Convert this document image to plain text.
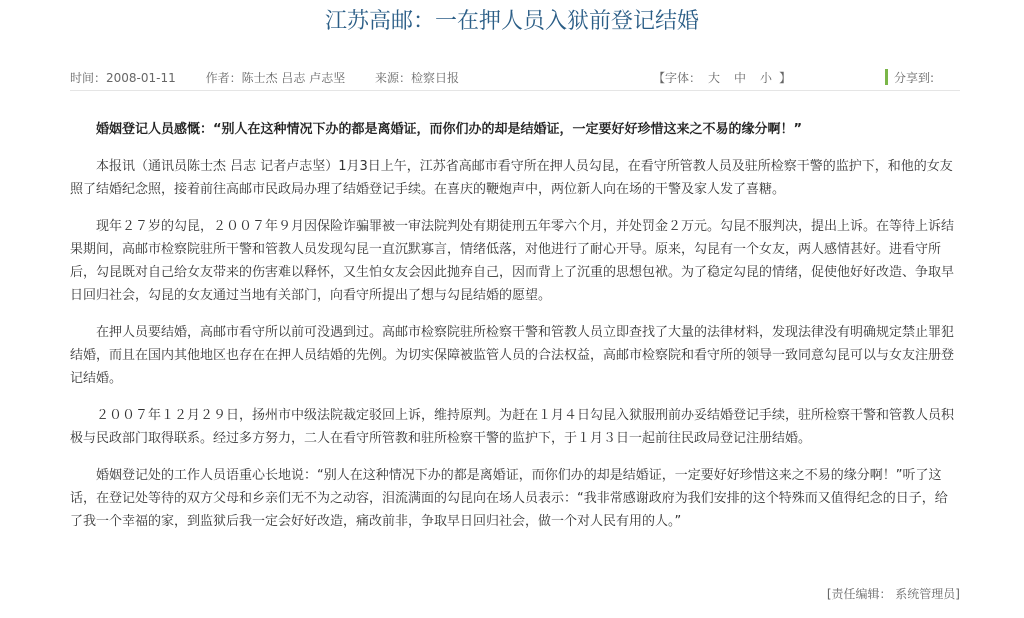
江苏高邮：一在押人员入狱前登记结婚
时间：2008-01-11 作者：陈士杰 吕志 卢志坚 来源：检察日报	【字体： 大 中 小 】	分享到:

婚姻登记人员感慨：“别人在这种情况下办的都是离婚证，而你们办的却是结婚证，一定要好好珍惜这来之不易的缘分啊！”

本报讯（通讯员陈士杰 吕志 记者卢志坚）1月3日上午，江苏省高邮市看守所在押人员勾昆，在看守所管教人员及驻所检察干警的监护下，和他的女友照了结婚纪念照，接着前往高邮市民政局办理了结婚登记手续。在喜庆的鞭炮声中，两位新人向在场的干警及家人发了喜糖。

现年２７岁的勾昆，２００７年９月因保险诈骗罪被一审法院判处有期徒刑五年零六个月，并处罚金２万元。勾昆不服判决，提出上诉。在等待上诉结果期间，高邮市检察院驻所干警和管教人员发现勾昆一直沉默寡言，情绪低落，对他进行了耐心开导。原来，勾昆有一个女友，两人感情甚好。进看守所后，勾昆既对自己给女友带来的伤害难以释怀，又生怕女友会因此抛弃自己，因而背上了沉重的思想包袱。为了稳定勾昆的情绪，促使他好好改造、争取早日回归社会，勾昆的女友通过当地有关部门，向看守所提出了想与勾昆结婚的愿望。

在押人员要结婚，高邮市看守所以前可没遇到过。高邮市检察院驻所检察干警和管教人员立即查找了大量的法律材料，发现法律没有明确规定禁止罪犯结婚，而且在国内其他地区也存在在押人员结婚的先例。为切实保障被监管人员的合法权益，高邮市检察院和看守所的领导一致同意勾昆可以与女友注册登记结婚。

２００７年１２月２９日，扬州市中级法院裁定驳回上诉，维持原判。为赶在１月４日勾昆入狱服刑前办妥结婚登记手续，驻所检察干警和管教人员积极与民政部门取得联系。经过多方努力，二人在看守所管教和驻所检察干警的监护下，于１月３日一起前往民政局登记注册结婚。

婚姻登记处的工作人员语重心长地说：“别人在这种情况下办的都是离婚证，而你们办的却是结婚证，一定要好好珍惜这来之不易的缘分啊！”听了这话，在登记处等待的双方父母和乡亲们无不为之动容，泪流满面的勾昆向在场人员表示：“我非常感谢政府为我们安排的这个特殊而又值得纪念的日子，给了我一个幸福的家，到监狱后我一定会好好改造，痛改前非，争取早日回归社会，做一个对人民有用的人。”

[责任编辑： 系统管理员]
